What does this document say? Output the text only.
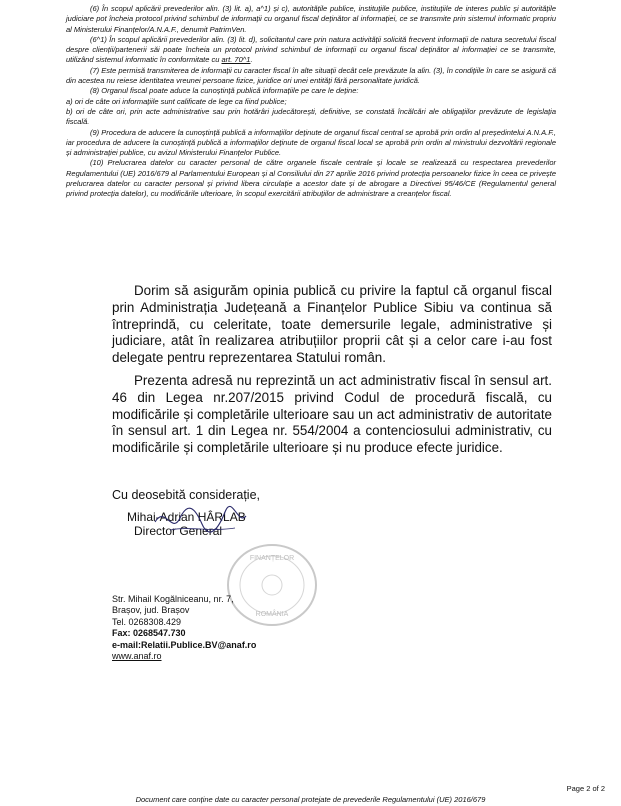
(6) În scopul aplicării prevederilor alin. (3) lit. a), a^1) și c), autoritățile publice, instituțiile publice, instituțiile de interes public și autoritățile judiciare pot încheia protocol privind schimbul de informații cu organul fiscal deținător al informației, ce se transmite prin sistemul informatic propriu al Ministerului Finanțelor/A.N.A.F., denumit PatrimVen.

(6^1) În scopul aplicării prevederilor alin. (3) lit. d), solicitantul care prin natura activității solicită frecvent informații de natura secretului fiscal despre clienții/partenerii săi poate încheia un protocol privind schimbul de informații cu organul fiscal deținător al informației ce se transmite, utilizând sistemul informatic în conformitate cu art. 70^1.

(7) Este permisă transmiterea de informații cu caracter fiscal în alte situații decât cele prevăzute la alin. (3), în condițiile în care se asigură că din acestea nu reiese identitatea vreunei persoane fizice, juridice ori unei entități fără personalitate juridică.

(8) Organul fiscal poate aduce la cunoștință publică informațiile pe care le deține:

a) ori de câte ori informațiile sunt calificate de lege ca fiind publice;

b) ori de câte ori, prin acte administrative sau prin hotărâri judecătorești, definitive, se constată încălcări ale obligațiilor prevăzute de legislația fiscală.

(9) Procedura de aducere la cunoștință publică a informațiilor deținute de organul fiscal central se aprobă prin ordin al președintelui A.N.A.F., iar procedura de aducere la cunoștință publică a informațiilor deținute de organul fiscal local se aprobă prin ordin al ministrului dezvoltării regionale și administrației publice, cu avizul Ministerului Finanțelor Publice.

(10) Prelucrarea datelor cu caracter personal de către organele fiscale centrale și locale se realizează cu respectarea prevederilor Regulamentului (UE) 2016/679 al Parlamentului European și al Consiliului din 27 aprilie 2016 privind protecția persoanelor fizice în ceea ce privește prelucrarea datelor cu caracter personal și privind libera circulație a acestor date și de abrogare a Directivei 95/46/CE (Regulamentul general privind protecția datelor), cu modificările ulterioare, în scopul exercitării atribuțiilor de administrare a creanțelor fiscal.

Dorim să asigurăm opinia publică cu privire la faptul că organul fiscal prin Administrația Județeană a Finanțelor Publice Sibiu va continua să întreprindă, cu celeritate, toate demersurile legale, administrative și judiciare, atât în realizarea atribuțiilor proprii cât și a celor care i-au fost delegate pentru reprezentarea Statului român.

Prezenta adresă nu reprezintă un act administrativ fiscal în sensul art. 46 din Legea nr.207/2015 privind Codul de procedură fiscală, cu modificările și completările ulterioare sau un act administrativ de autoritate în sensul art. 1 din Legea nr. 554/2004 a contenciosului administrativ, cu modificările și completările ulterioare și nu produce efecte juridice.

Cu deosebită considerație,

Mihai-Adrian HÂRLAB

Director General

FINANȚELOR
ROMÂNIA
Str. Mihail Kogălniceanu, nr. 7,
Brașov, jud. Brașov
Tel. 0268308.429
Fax: 0268547.730
e-mail:Relatii.Publice.BV@anaf.ro
www.anaf.ro
Page 2 of 2
Document care conține date cu caracter personal protejate de prevederile Regulamentului (UE) 2016/679
